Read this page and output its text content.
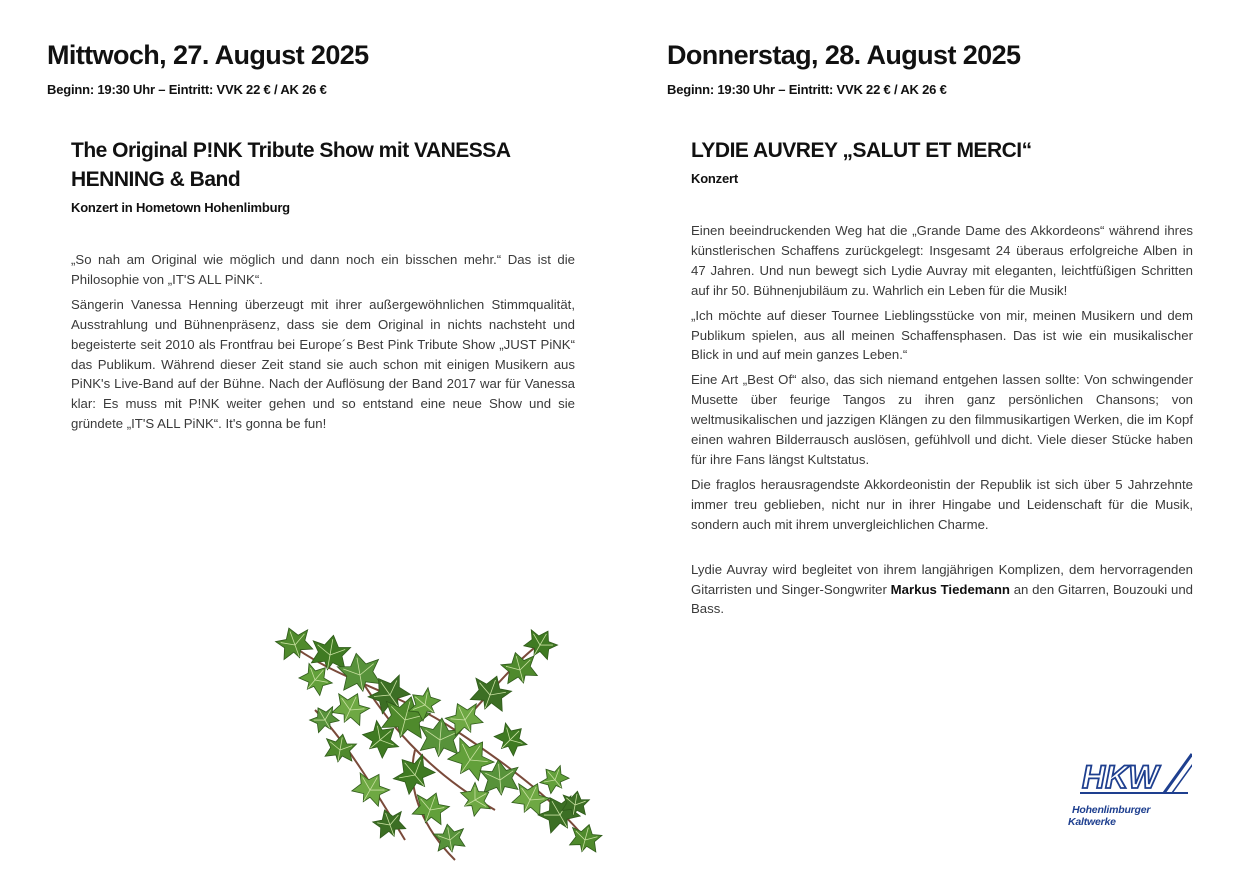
Mittwoch, 27. August 2025
Beginn: 19:30 Uhr – Eintritt: VVK 22 € / AK 26 €
The Original P!NK Tribute Show mit VANESSA HENNING & Band
Konzert in Hometown Hohenlimburg

„So nah am Original wie möglich und dann noch ein bisschen mehr.“ Das ist die Philosophie von „IT'S ALL PiNK“.

Sängerin Vanessa Henning überzeugt mit ihrer außergewöhnlichen Stimmqualität, Ausstrahlung und Bühnenpräsenz, dass sie dem Original in nichts nachsteht und begeisterte seit 2010 als Frontfrau bei Europe´s Best Pink Tribute Show „JUST PiNK“ das Publikum. Während dieser Zeit stand sie auch schon mit einigen Musikern aus PiNK's Live-Band auf der Bühne. Nach der Auflösung der Band 2017 war für Vanessa klar: Es muss mit P!NK weiter gehen und so entstand eine neue Show und sie gründete „IT'S ALL PiNK“. It's gonna be fun!

Donnerstag, 28. August 2025
Beginn: 19:30 Uhr – Eintritt: VVK 22 € / AK 26 €
LYDIE AUVREY „SALUT ET MERCI“
Konzert

Einen beeindruckenden Weg hat die „Grande Dame des Akkordeons“ während ihres künstlerischen Schaffens zurückgelegt: Insgesamt 24 überaus erfolgreiche Alben in 47 Jahren. Und nun bewegt sich Lydie Auvray mit eleganten, leichtfüßigen Schritten auf ihr 50. Bühnenjubiläum zu. Wahrlich ein Leben für die Musik!

„Ich möchte auf dieser Tournee Lieblingsstücke von mir, meinen Musikern und dem Publikum spielen, aus all meinen Schaffensphasen. Das ist wie ein musikalischer Blick in und auf mein ganzes Leben.“

Eine Art „Best Of“ also, das sich niemand entgehen lassen sollte: Von schwingender Musette über feurige Tangos zu ihren ganz persönlichen Chansons; von weltmusikalischen und jazzigen Klängen zu den filmmusikartigen Werken, die im Kopf einen wahren Bilderrausch auslösen, gefühlvoll und dicht. Viele dieser Stücke haben für ihre Fans längst Kultstatus.

Die fraglos herausragendste Akkordeonistin der Republik ist sich über 5 Jahrzehnte immer treu geblieben, nicht nur in ihrer Hingabe und Leidenschaft für die Musik, sondern auch mit ihrem unvergleichlichen Charme.

Lydie Auvray wird begleitet von ihrem langjährigen Komplizen, dem hervorragenden Gitarristen und Singer-Songwriter Markus Tiedemann an den Gitarren, Bouzouki und Bass.

HKW
Hohenlimburger
Kaltwerke
